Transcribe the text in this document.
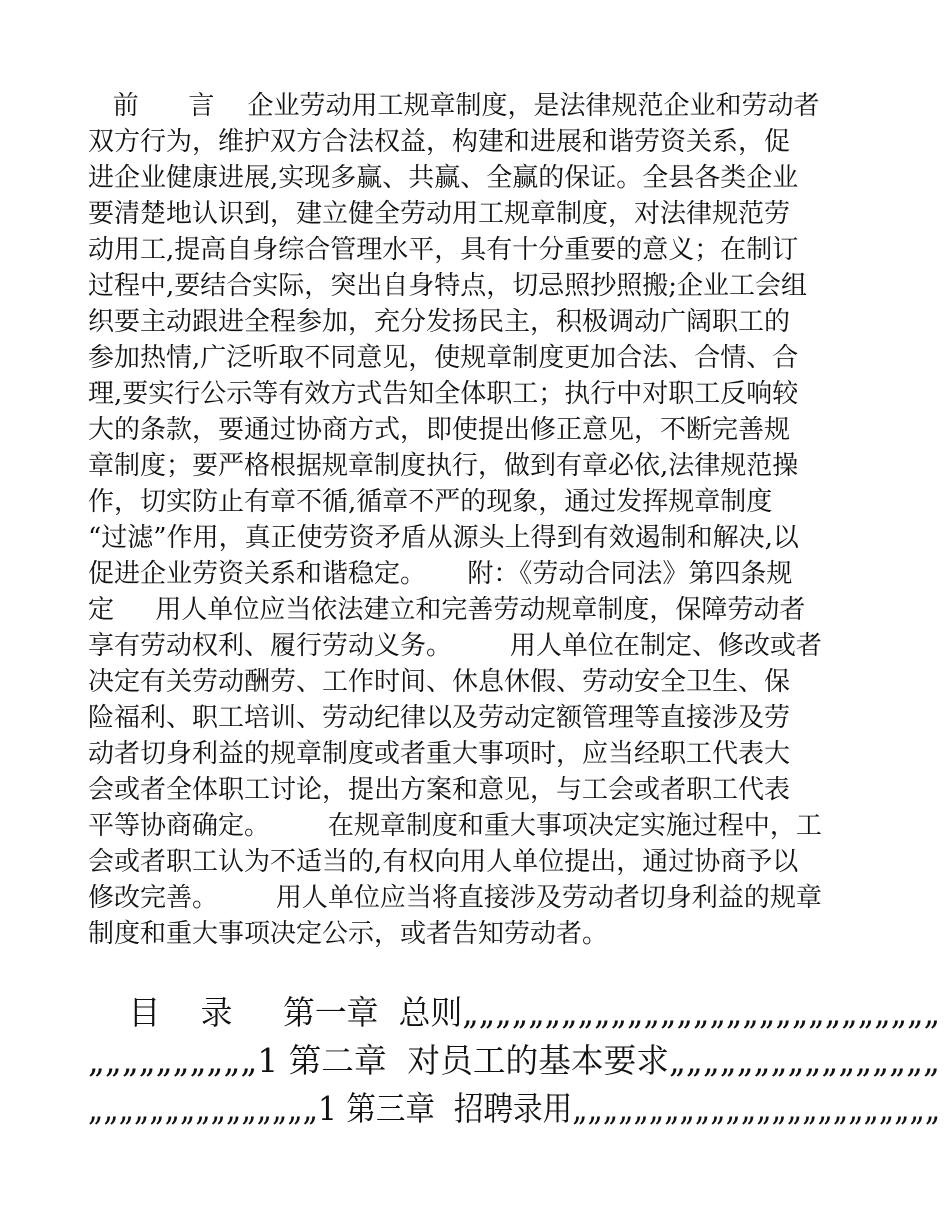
前      言    企业劳动用工规章制度，是法律规范企业和劳动者
双方行为，维护双方合法权益，构建和进展和谐劳资关系，促
进企业健康进展,实现多赢、共赢、全赢的保证。全县各类企业
要清楚地认识到，建立健全劳动用工规章制度，对法律规范劳
动用工,提高自身综合管理水平，具有十分重要的意义；在制订
过程中,要结合实际，突出自身特点，切忌照抄照搬;企业工会组
织要主动跟进全程参加，充分发扬民主，积极调动广阔职工的
参加热情,广泛听取不同意见，使规章制度更加合法、合情、合
理,要实行公示等有效方式告知全体职工；执行中对职工反响较
大的条款，要通过协商方式，即使提出修正意见，不断完善规
章制度；要严格根据规章制度执行，做到有章必依,法律规范操
作，切实防止有章不循,循章不严的现象，通过发挥规章制度
“过滤”作用，真正使劳资矛盾从源头上得到有效遏制和解决,以
促进企业劳资关系和谐稳定。     附：《劳动合同法》第四条规
定     用人单位应当依法建立和完善劳动规章制度，保障劳动者
享有劳动权利、履行劳动义务。       用人单位在制定、修改或者
决定有关劳动酬劳、工作时间、休息休假、劳动安全卫生、保
险福利、职工培训、劳动纪律以及劳动定额管理等直接涉及劳
动者切身利益的规章制度或者重大事项时，应当经职工代表大
会或者全体职工讨论，提出方案和意见，与工会或者职工代表
平等协商确定。       在规章制度和重大事项决定实施过程中，工
会或者职工认为不适当的,有权向用人单位提出，通过协商予以
修改完善。       用人单位应当将直接涉及劳动者切身利益的规章
制度和重大事项决定公示，或者告知劳动者。
目    录     第一章  总则„„„„„„„„„„„„„„„„„„„„„„„„„„„„„
„„„„„„„„„„1 第二章  对员工的基本要求„„„„„„„„„„„„„„„„
„„„„„„„„„„„„„„„1 第三章  招聘录用„„„„„„„„„„„„„„„„„„„„„„„„
